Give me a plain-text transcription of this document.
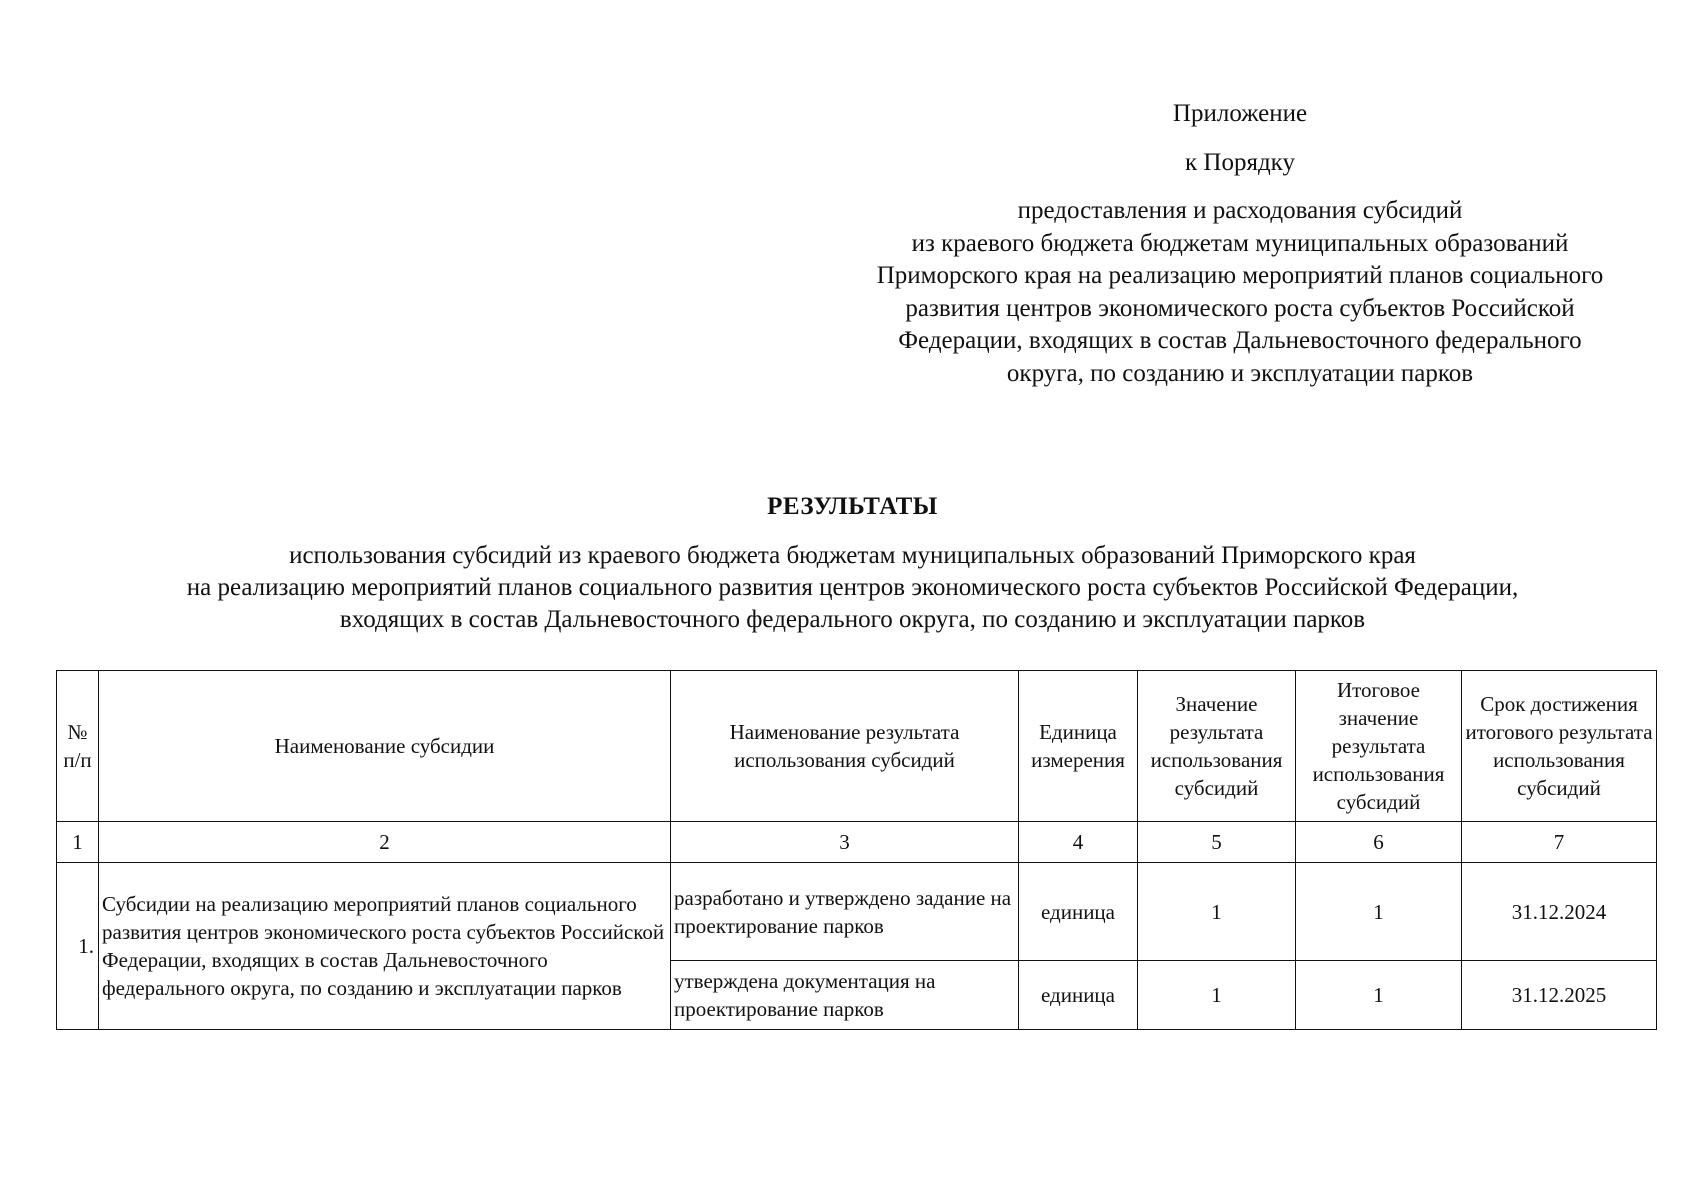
Приложение
к Порядку
предоставления и расходования субсидий
из краевого бюджета бюджетам муниципальных образований
Приморского края на реализацию мероприятий планов социального
развития центров экономического роста субъектов Российской
Федерации, входящих в состав Дальневосточного федерального
округа, по созданию и эксплуатации парков
РЕЗУЛЬТАТЫ
использования субсидий из краевого бюджета бюджетам муниципальных образований Приморского края
на реализацию мероприятий планов социального развития центров экономического роста субъектов Российской Федерации,
входящих в состав Дальневосточного федерального округа, по созданию и эксплуатации парков
№ п/п	Наименование субсидии	Наименование результата использования субсидий	Единица измерения	Значение результата использования субсидий	Итоговое значение результата использования субсидий	Срок достижения итогового результата использования субсидий
1	2	3	4	5	6	7
1.	Субсидии на реализацию мероприятий планов социального развития центров экономического роста субъектов Российской Федерации, входящих в состав Дальневосточного федерального округа, по созданию и эксплуатации парков	разработано и утверждено задание на проектирование парков	единица	1	1	31.12.2024
		утверждена документация на проектирование парков	единица	1	1	31.12.2025
